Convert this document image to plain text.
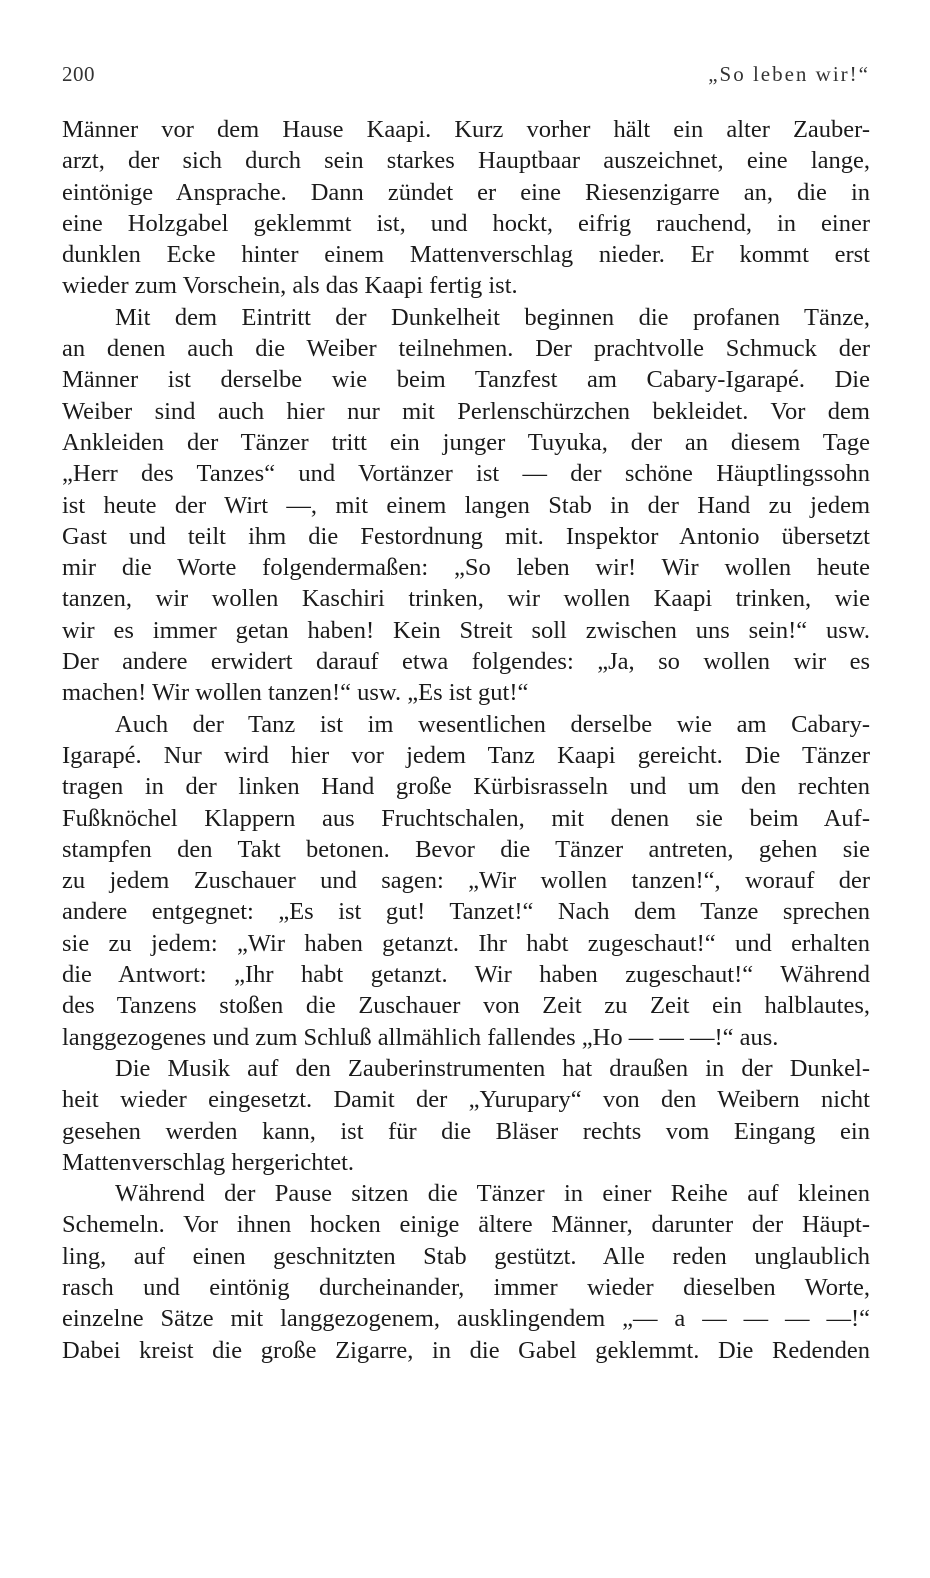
200	„So leben wir!“
Männer vor dem Hause Kaapi. Kurz vorher hält ein alter Zauber-
arzt, der sich durch sein starkes Hauptbaar auszeichnet, eine lange,
eintönige Ansprache. Dann zündet er eine Riesenzigarre an, die in
eine Holzgabel geklemmt ist, und hockt, eifrig rauchend, in einer
dunklen Ecke hinter einem Mattenverschlag nieder. Er kommt erst
wieder zum Vorschein, als das Kaapi fertig ist.
Mit dem Eintritt der Dunkelheit beginnen die profanen Tänze,
an denen auch die Weiber teilnehmen. Der prachtvolle Schmuck der
Männer ist derselbe wie beim Tanzfest am Cabary-Igarapé. Die
Weiber sind auch hier nur mit Perlenschürzchen bekleidet. Vor dem
Ankleiden der Tänzer tritt ein junger Tuyuka, der an diesem Tage
„Herr des Tanzes“ und Vortänzer ist — der schöne Häuptlingssohn
ist heute der Wirt —, mit einem langen Stab in der Hand zu jedem
Gast und teilt ihm die Festordnung mit. Inspektor Antonio übersetzt
mir die Worte folgendermaßen: „So leben wir! Wir wollen heute
tanzen, wir wollen Kaschiri trinken, wir wollen Kaapi trinken, wie
wir es immer getan haben! Kein Streit soll zwischen uns sein!“ usw.
Der andere erwidert darauf etwa folgendes: „Ja, so wollen wir es
machen! Wir wollen tanzen!“ usw. „Es ist gut!“
Auch der Tanz ist im wesentlichen derselbe wie am Cabary-
Igarapé. Nur wird hier vor jedem Tanz Kaapi gereicht. Die Tänzer
tragen in der linken Hand große Kürbisrasseln und um den rechten
Fußknöchel Klappern aus Fruchtschalen, mit denen sie beim Auf-
stampfen den Takt betonen. Bevor die Tänzer antreten, gehen sie
zu jedem Zuschauer und sagen: „Wir wollen tanzen!“, worauf der
andere entgegnet: „Es ist gut! Tanzet!“ Nach dem Tanze sprechen
sie zu jedem: „Wir haben getanzt. Ihr habt zugeschaut!“ und erhalten
die Antwort: „Ihr habt getanzt. Wir haben zugeschaut!“ Während
des Tanzens stoßen die Zuschauer von Zeit zu Zeit ein halblautes,
langgezogenes und zum Schluß allmählich fallendes „Ho — — —!“ aus.
Die Musik auf den Zauberinstrumenten hat draußen in der Dunkel-
heit wieder eingesetzt. Damit der „Yurupary“ von den Weibern nicht
gesehen werden kann, ist für die Bläser rechts vom Eingang ein
Mattenverschlag hergerichtet.
Während der Pause sitzen die Tänzer in einer Reihe auf kleinen
Schemeln. Vor ihnen hocken einige ältere Männer, darunter der Häupt-
ling, auf einen geschnitzten Stab gestützt. Alle reden unglaublich
rasch und eintönig durcheinander, immer wieder dieselben Worte,
einzelne Sätze mit langgezogenem, ausklingendem „— a — — — —!“
Dabei kreist die große Zigarre, in die Gabel geklemmt. Die Redenden
